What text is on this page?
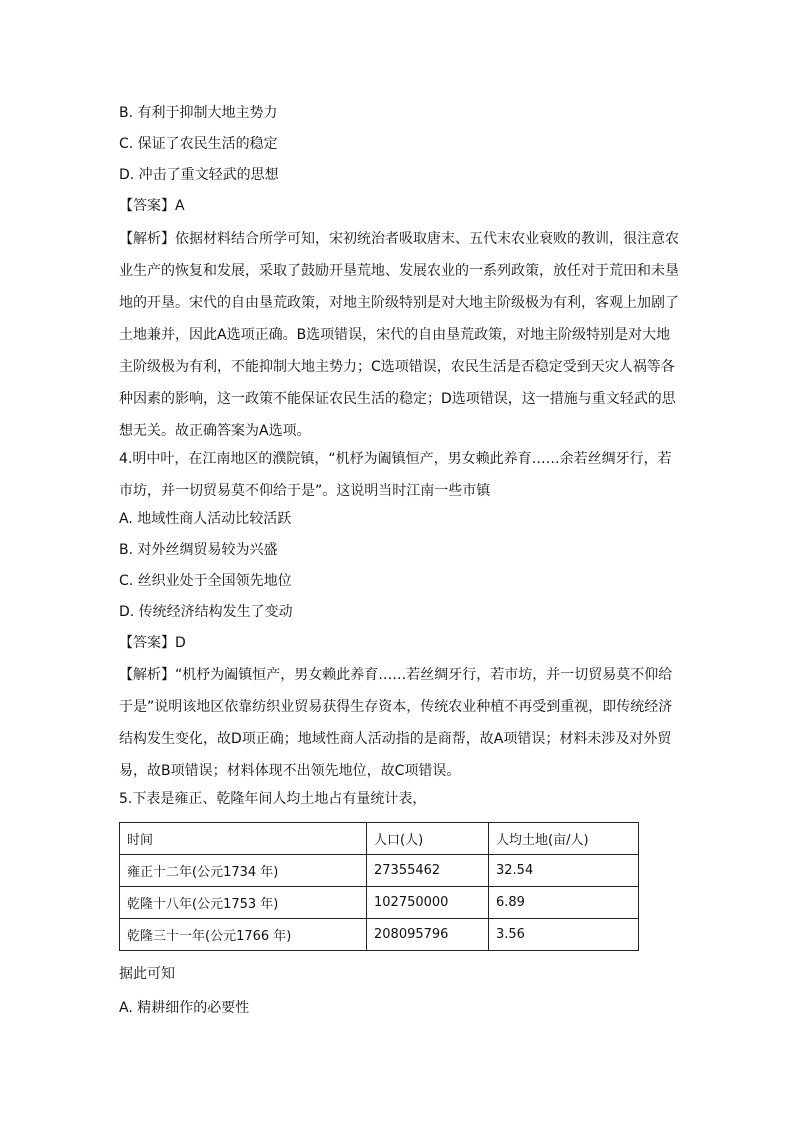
B. 有利于抑制大地主势力
C. 保证了农民生活的稳定
D. 冲击了重文轻武的思想
【答案】A
【解析】依据材料结合所学可知，宋初统治者吸取唐末、五代末农业衰败的教训，很注意农
业生产的恢复和发展，采取了鼓励开垦荒地、发展农业的一系列政策，放任对于荒田和未垦
地的开垦。宋代的自由垦荒政策，对地主阶级特别是对大地主阶级极为有利，客观上加剧了
土地兼并，因此A选项正确。B选项错误，宋代的自由垦荒政策，对地主阶级特别是对大地
主阶级极为有利，不能抑制大地主势力；C选项错误，农民生活是否稳定受到天灾人祸等各
种因素的影响，这一政策不能保证农民生活的稳定；D选项错误，这一措施与重文轻武的思
想无关。故正确答案为A选项。
4.明中叶，在江南地区的濮院镇，“机杼为阖镇恒产，男女赖此养育……余若丝绸牙行，若
市坊，并一切贸易莫不仰给于是”。这说明当时江南一些市镇
A. 地域性商人活动比较活跃
B. 对外丝绸贸易较为兴盛
C. 丝织业处于全国领先地位
D. 传统经济结构发生了变动
【答案】D
【解析】“机杼为阖镇恒产，男女赖此养育……若丝绸牙行，若市坊，并一切贸易莫不仰给
于是”说明该地区依靠纺织业贸易获得生存资本，传统农业种植不再受到重视，即传统经济
结构发生变化，故D项正确；地域性商人活动指的是商帮，故A项错误；材料未涉及对外贸
易，故B项错误；材料体现不出领先地位，故C项错误。
5.下表是雍正、乾隆年间人均土地占有量统计表，
时间	人口(人)	人均土地(亩/人)
雍正十二年(公元1734 年)	27355462	32.54
乾隆十八年(公元1753 年)	102750000	6.89
乾隆三十一年(公元1766 年)	208095796	3.56
据此可知
A. 精耕细作的必要性
